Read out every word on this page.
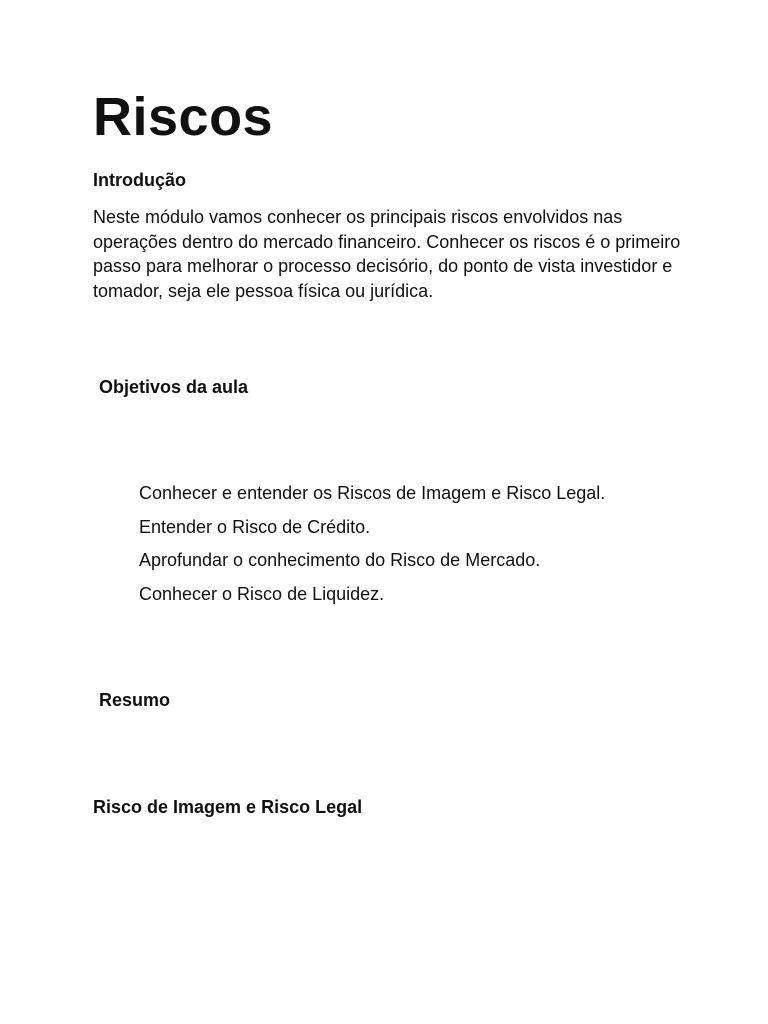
Riscos
Introdução

Neste módulo vamos conhecer os principais riscos envolvidos nas operações dentro do mercado financeiro. Conhecer os riscos é o primeiro passo para melhorar o processo decisório, do ponto de vista investidor e tomador, seja ele pessoa física ou jurídica.

Objetivos da aula
Conhecer e entender os Riscos de Imagem e Risco Legal.
Entender o Risco de Crédito.
Aprofundar o conhecimento do Risco de Mercado.
Conhecer o Risco de Liquidez.
Resumo
Risco de Imagem e Risco Legal
